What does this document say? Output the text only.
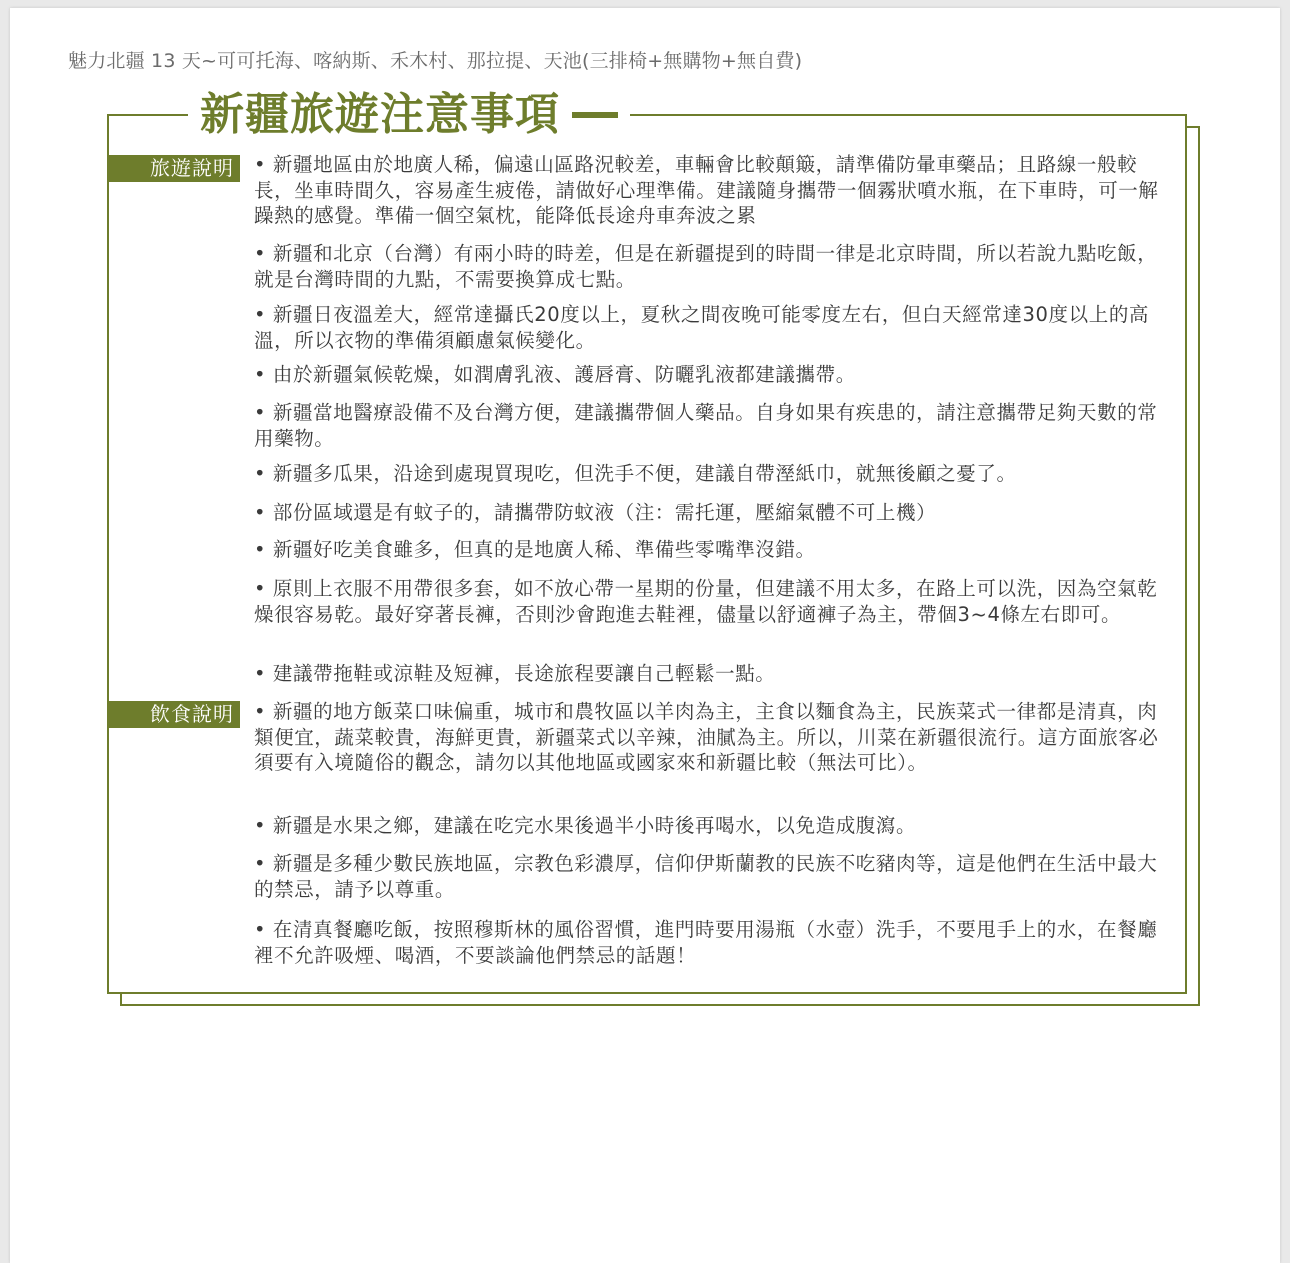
魅力北疆 13 天~可可托海、喀納斯、禾木村、那拉提、天池(三排椅+無購物+無自費)
新疆旅遊注意事項
旅遊說明
飲食說明
• 新疆地區由於地廣人稀，偏遠山區路況較差，車輛會比較顛簸，請準備防暈車藥品；且路線一般較長，坐車時間久，容易產生疲倦，請做好心理準備。建議隨身攜帶一個霧狀噴水瓶，在下車時，可一解躁熱的感覺。準備一個空氣枕，能降低長途舟車奔波之累
• 新疆和北京（台灣）有兩小時的時差，但是在新疆提到的時間一律是北京時間，所以若說九點吃飯，就是台灣時間的九點，不需要換算成七點。
• 新疆日夜溫差大，經常達攝氏20度以上，夏秋之間夜晚可能零度左右，但白天經常達30度以上的高溫，所以衣物的準備須顧慮氣候變化。
• 由於新疆氣候乾燥，如潤膚乳液、護唇膏、防曬乳液都建議攜帶。
• 新疆當地醫療設備不及台灣方便，建議攜帶個人藥品。自身如果有疾患的，請注意攜帶足夠天數的常用藥物。
• 新疆多瓜果，沿途到處現買現吃，但洗手不便，建議自帶溼紙巾，就無後顧之憂了。
• 部份區域還是有蚊子的，請攜帶防蚊液（注：需托運，壓縮氣體不可上機）
• 新疆好吃美食雖多，但真的是地廣人稀、準備些零嘴準沒錯。
• 原則上衣服不用帶很多套，如不放心帶一星期的份量，但建議不用太多，在路上可以洗，因為空氣乾燥很容易乾。最好穿著長褲，否則沙會跑進去鞋裡，儘量以舒適褲子為主，帶個3~4條左右即可。
• 建議帶拖鞋或涼鞋及短褲，長途旅程要讓自己輕鬆一點。
• 新疆的地方飯菜口味偏重，城市和農牧區以羊肉為主，主食以麵食為主，民族菜式一律都是清真，肉類便宜，蔬菜較貴，海鮮更貴，新疆菜式以辛辣，油膩為主。所以，川菜在新疆很流行。這方面旅客必須要有入境隨俗的觀念，請勿以其他地區或國家來和新疆比較（無法可比）。
• 新疆是水果之鄉，建議在吃完水果後過半小時後再喝水，以免造成腹瀉。
• 新疆是多種少數民族地區，宗教色彩濃厚，信仰伊斯蘭教的民族不吃豬肉等，這是他們在生活中最大的禁忌，請予以尊重。
• 在清真餐廳吃飯，按照穆斯林的風俗習慣，進門時要用湯瓶（水壺）洗手，不要甩手上的水，在餐廳裡不允許吸煙、喝酒，不要談論他們禁忌的話題！
